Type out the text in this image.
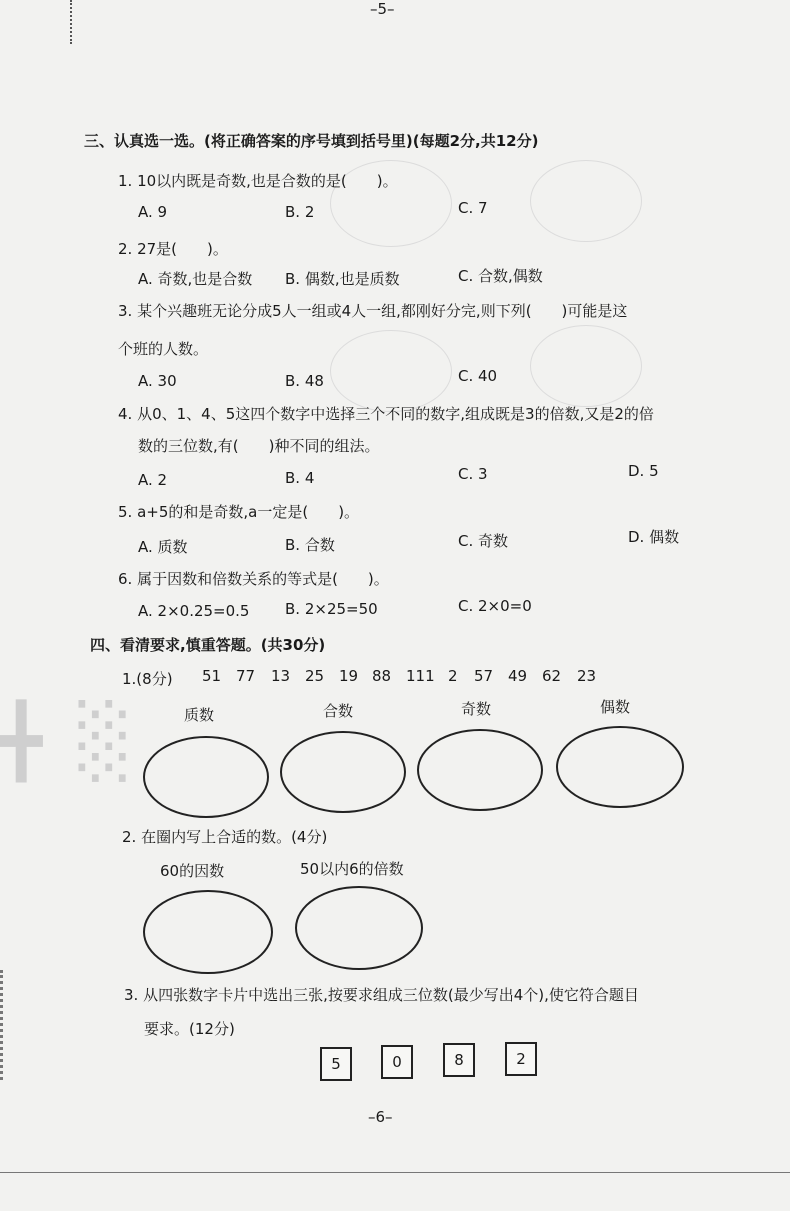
–5–
三、认真选一选。(将正确答案的序号填到括号里)(每题2分,共12分)
1. 10以内既是奇数,也是合数的是(　　)。
A. 9	B. 2	C. 7
2. 27是(　　)。
A. 奇数,也是合数 B. 偶数,也是质数	C. 合数,偶数
3. 某个兴趣班无论分成5人一组或4人一组,都刚好分完,则下列(　　)可能是这
个班的人数。
A. 30	B. 48	C. 40
4. 从0、1、4、5这四个数字中选择三个不同的数字,组成既是3的倍数,又是2的倍
数的三位数,有(　　)种不同的组法。
A. 2	B. 4	C. 3	D. 5
5. a+5的和是奇数,a一定是(　　)。
A. 质数	B. 合数	C. 奇数	D. 偶数
6. 属于因数和倍数关系的等式是(　　)。
A. 2×0.25=0.5 B. 2×25=50	C. 2×0=0
四、看清要求,慎重答题。(共30分)
1.(8分) 51 77 13 25 19 88 111 2 57 49 62 23
╋ ░	质数	合数	奇数	偶数
2. 在圈内写上合适的数。(4分)
60的因数	50以内6的倍数
3. 从四张数字卡片中选出三张,按要求组成三位数(最少写出4个),使它符合题目
要求。(12分)
5	0	8	2
–6–
